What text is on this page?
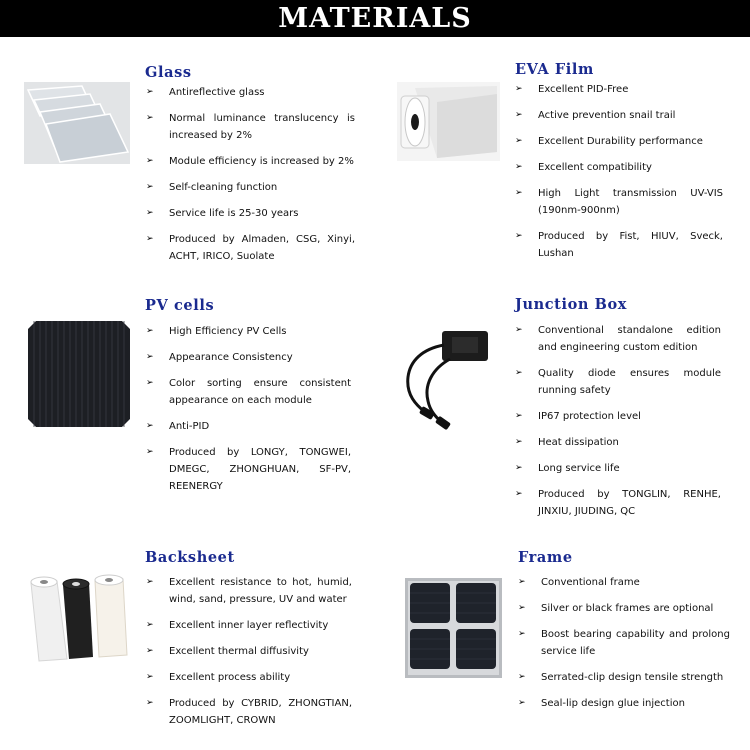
MATERIALS
Glass
➢ Antireflective glass
➢ Normal luminance translucency is increased by 2%
➢ Module efficiency is increased by 2%
➢ Self-cleaning function
➢ Service life is 25-30 years
➢ Produced by Almaden, CSG, Xinyi, ACHT, IRICO, Suolate
EVA Film
➢ Excellent PID-Free
➢ Active prevention snail trail
➢ Excellent Durability performance
➢ Excellent compatibility
➢ High Light transmission UV-VIS (190nm-900nm)
➢ Produced by Fist, HIUV, Sveck, Lushan
PV cells
➢ High Efficiency PV Cells
➢ Appearance Consistency
➢ Color sorting ensure consistent appearance on each module
➢ Anti-PID
➢ Produced by LONGY, TONGWEI, DMEGC, ZHONGHUAN, SF-PV, REENERGY
Junction Box
➢ Conventional standalone edition and engineering custom edition
➢ Quality diode ensures module running safety
➢ IP67 protection level
➢ Heat dissipation
➢ Long service life
➢ Produced by TONGLIN, RENHE, JINXIU, JIUDING, QC
Backsheet
➢ Excellent resistance to hot, humid, wind, sand, pressure, UV and water
➢ Excellent inner layer reflectivity
➢ Excellent thermal diffusivity
➢ Excellent process ability
➢ Produced by CYBRID, ZHONGTIAN, ZOOMLIGHT, CROWN
Frame
➢ Conventional frame
➢ Silver or black frames are optional
➢ Boost bearing capability and prolong service life
➢ Serrated-clip design tensile strength
➢ Seal-lip design glue injection
